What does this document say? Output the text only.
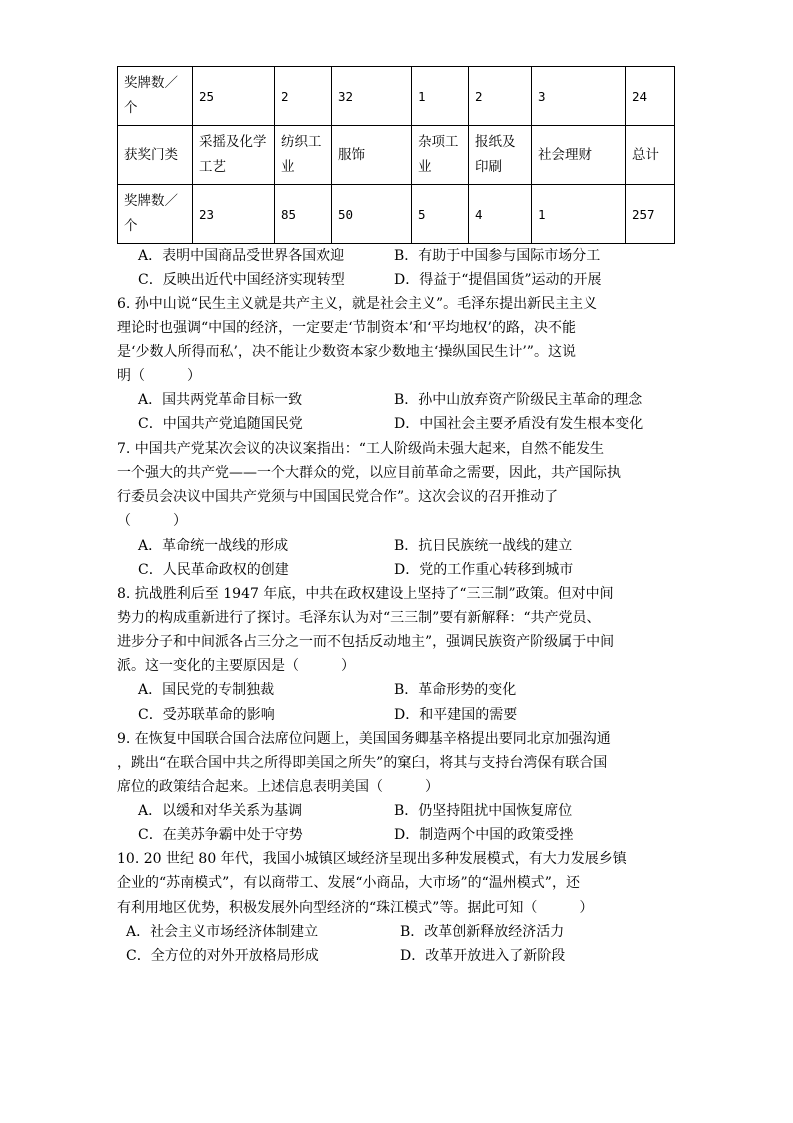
奖牌数／个	25	2	32	1	2	3	24
获奖门类	采摇及化学工艺	纺织工业	服饰	杂项工业	报纸及印刷	社会理财	总计
奖牌数／个	23	85	50	5	4	1	257
A．表明中国商品受世界各国欢迎	B．有助于中国参与国际市场分工
C．反映出近代中国经济实现转型	D．得益于“提倡国货”运动的开展
6. 孙中山说“民生主义就是共产主义，就是社会主义”。毛泽东提出新民主主义
理论时也强调“中国的经济，一定要走‘节制资本’和‘平均地权’的路，决不能
是‘少数人所得而私’，决不能让少数资本家少数地主‘操纵国民生计’”。这说
明（　　　）
A．国共两党革命目标一致	B．孙中山放弃资产阶级民主革命的理念
C．中国共产党追随国民党	D．中国社会主要矛盾没有发生根本变化
7. 中国共产党某次会议的决议案指出：“工人阶级尚未强大起来，自然不能发生
一个强大的共产党——一个大群众的党，以应目前革命之需要，因此，共产国际执
行委员会决议中国共产党须与中国国民党合作”。这次会议的召开推动了
（　　　）
A．革命统一战线的形成	B．抗日民族统一战线的建立
C．人民革命政权的创建	D．党的工作重心转移到城市
8. 抗战胜利后至 1947 年底，中共在政权建设上坚持了“三三制”政策。但对中间
势力的构成重新进行了探讨。毛泽东认为对“三三制”要有新解释：“共产党员、
进步分子和中间派各占三分之一而不包括反动地主”，强调民族资产阶级属于中间
派。这一变化的主要原因是（　　　）
A．国民党的专制独裁	B．革命形势的变化
C．受苏联革命的影响	D．和平建国的需要
9. 在恢复中国联合国合法席位问题上，美国国务卿基辛格提出要同北京加强沟通
，跳出“在联合国中共之所得即美国之所失”的窠臼，将其与支持台湾保有联合国
席位的政策结合起来。上述信息表明美国（　　　）
A．以缓和对华关系为基调	B．仍坚持阻扰中国恢复席位
C．在美苏争霸中处于守势	D．制造两个中国的政策受挫
10. 20 世纪 80 年代，我国小城镇区域经济呈现出多种发展模式，有大力发展乡镇
企业的“苏南模式”，有以商带工、发展“小商品，大市场”的“温州模式”，还
有利用地区优势，积极发展外向型经济的“珠江模式”等。据此可知（　　　）
A．社会主义市场经济体制建立	B．改革创新释放经济活力
C．全方位的对外开放格局形成	D．改革开放进入了新阶段
